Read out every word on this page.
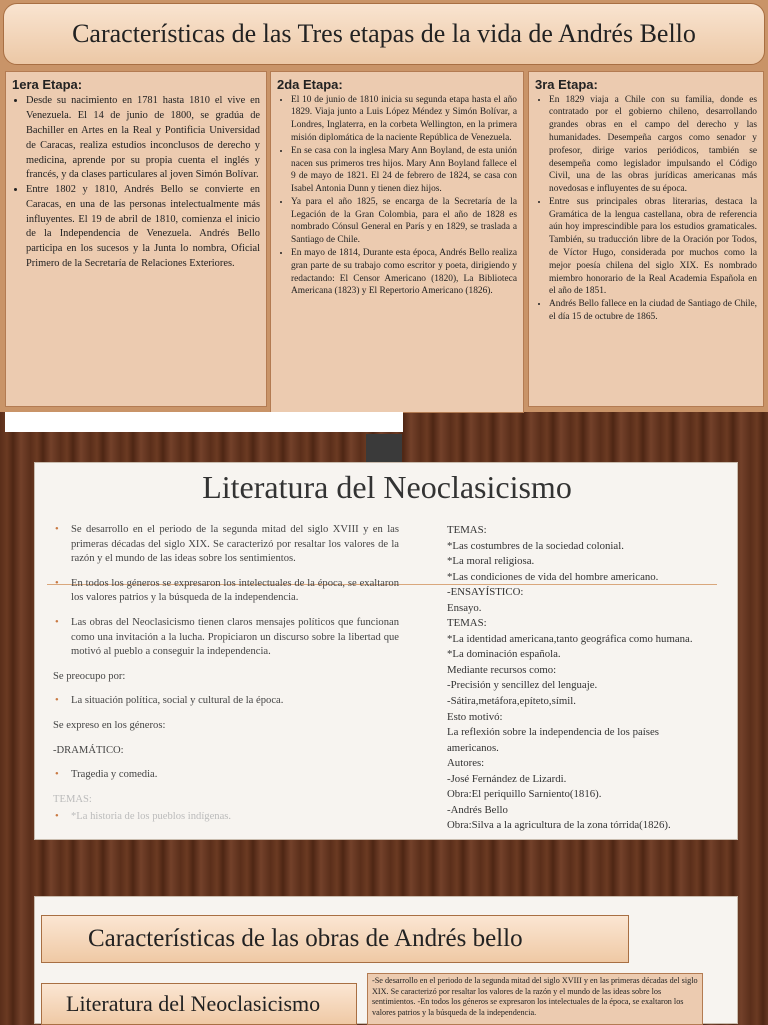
Características de las Tres etapas de la vida de Andrés Bello
1era Etapa:
• Desde su nacimiento en 1781 hasta 1810 el vive en Venezuela. El 14 de junio de 1800, se gradúa de Bachiller en Artes en la Real y Pontificia Universidad de Caracas, realiza estudios inconclusos de derecho y medicina, aprende por su propia cuenta el inglés y francés, y da clases particulares al joven Simón Bolívar.
• Entre 1802 y 1810, Andrés Bello se convierte en Caracas, en una de las personas intelectualmente más influyentes. El 19 de abril de 1810, comienza el inicio de la Independencia de Venezuela. Andrés Bello participa en los sucesos y la Junta lo nombra, Oficial Primero de la Secretaría de Relaciones Exteriores.
2da Etapa:
• El 10 de junio de 1810 inicia su segunda etapa hasta el año 1829. Viaja junto a Luis López Méndez y Simón Bolívar, a Londres, Inglaterra, en la corbeta Wellington, en la primera misión diplomática de la naciente República de Venezuela.
• En se casa con la inglesa Mary Ann Boyland, de esta unión nacen sus primeros tres hijos. Mary Ann Boyland fallece el 9 de mayo de 1821. El 24 de febrero de 1824, se casa con Isabel Antonia Dunn y tienen diez hijos.
• Ya para el año 1825, se encarga de la Secretaría de la Legación de la Gran Colombia, para el año de 1828 es nombrado Cónsul General en París y en 1829, se traslada a Santiago de Chile.
• En mayo de 1814, Durante esta época, Andrés Bello realiza gran parte de su trabajo como escritor y poeta, dirigiendo y redactando: El Censor Americano (1820), La Biblioteca Americana (1823) y El Repertorio Americano (1826).
3ra Etapa:
• En 1829 viaja a Chile con su familia, donde es contratado por el gobierno chileno, desarrollando grandes obras en el campo del derecho y las humanidades. Desempeña cargos como senador y profesor, dirige varios periódicos, también se desempeña como legislador impulsando el Código Civil, una de las obras jurídicas americanas más novedosas e influyentes de su época.
• Entre sus principales obras literarias, destaca la Gramática de la lengua castellana, obra de referencia aún hoy imprescindible para los estudios gramaticales. También, su traducción libre de la Oración por Todos, de Víctor Hugo, considerada por muchos como la mejor poesía chilena del siglo XIX. Es nombrado miembro honorario de la Real Academia Española en el año de 1851.
• Andrés Bello fallece en la ciudad de Santiago de Chile, el día 15 de octubre de 1865.
Literatura del Neoclasicismo
• Se desarrollo en el periodo de la segunda mitad del siglo XVIII y en las primeras décadas del siglo XIX. Se caracterizó por resaltar los valores de la razón y el mundo de las ideas sobre los sentimientos.
• En todos los géneros se expresaron los intelectuales de la época, se exaltaron los valores patrios y la búsqueda de la independencia.
• Las obras del Neoclasicismo tienen claros mensajes políticos que funcionan como una invitación a la lucha. Propiciaron un discurso sobre la libertad que motivó al pueblo a conseguir la independencia.
Se preocupo por:
• La situación política, social y cultural de la época.
Se expreso en los géneros:
-DRAMÁTICO:
• Tragedia y comedia.
TEMAS:
• *La historia de los pueblos indígenas.
TEMAS:
*Las costumbres de la sociedad colonial.
*La moral religiosa.
*Las condiciones de vida del hombre americano.
-ENSAYÍSTICO:
Ensayo.
TEMAS:
*La identidad americana,tanto geográfica como humana.
*La dominación española.
Mediante recursos como:
-Precisión y sencillez del lenguaje.
-Sátira,metáfora,epíteto,símil.
Esto motivó:
La reflexión sobre la independencia de los países
americanos.
Autores:
-José Fernández de Lizardi.
Obra:El periquillo Sarniento(1816).
-Andrés Bello
Obra:Silva a la agricultura de la zona tórrida(1826).
Características de las obras de Andrés bello
Literatura del Neoclasicismo
-Se desarrollo en el periodo de la segunda mitad del siglo XVIII y en las primeras décadas del siglo XIX. Se caracterizó por resaltar los valores de la razón y el mundo de las ideas sobre los sentimientos. -En todos los géneros se expresaron los intelectuales de la época, se exaltaron los valores patrios y la búsqueda de la independencia.
